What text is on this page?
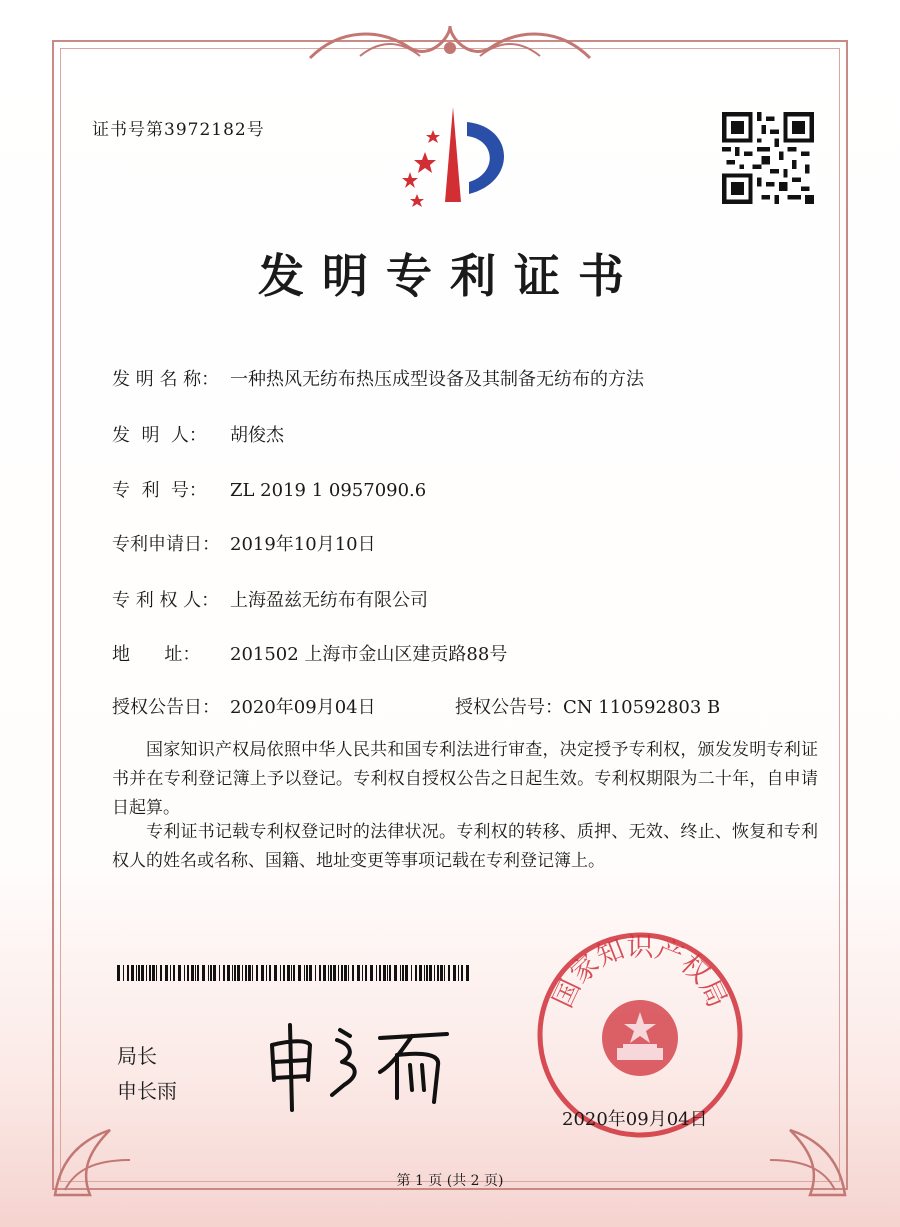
证书号第3972182号
发明专利证书
发 明 名 称： 一种热风无纺布热压成型设备及其制备无纺布的方法
发  明  人： 胡俊杰
专  利  号： ZL 2019 1 0957090.6
专利申请日： 2019年10月10日
专 利 权 人： 上海盈兹无纺布有限公司
地      址： 201502 上海市金山区建贡路88号
授权公告日： 2020年09月04日	授权公告号：CN 110592803 B
国家知识产权局依照中华人民共和国专利法进行审查，决定授予专利权，颁发发明专利证书并在专利登记簿上予以登记。专利权自授权公告之日起生效。专利权期限为二十年，自申请日起算。
专利证书记载专利权登记时的法律状况。专利权的转移、质押、无效、终止、恢复和专利权人的姓名或名称、国籍、地址变更等事项记载在专利登记簿上。
局长
申长雨
国家知识产权局
2020年09月04日
第 1 页 (共 2 页)
